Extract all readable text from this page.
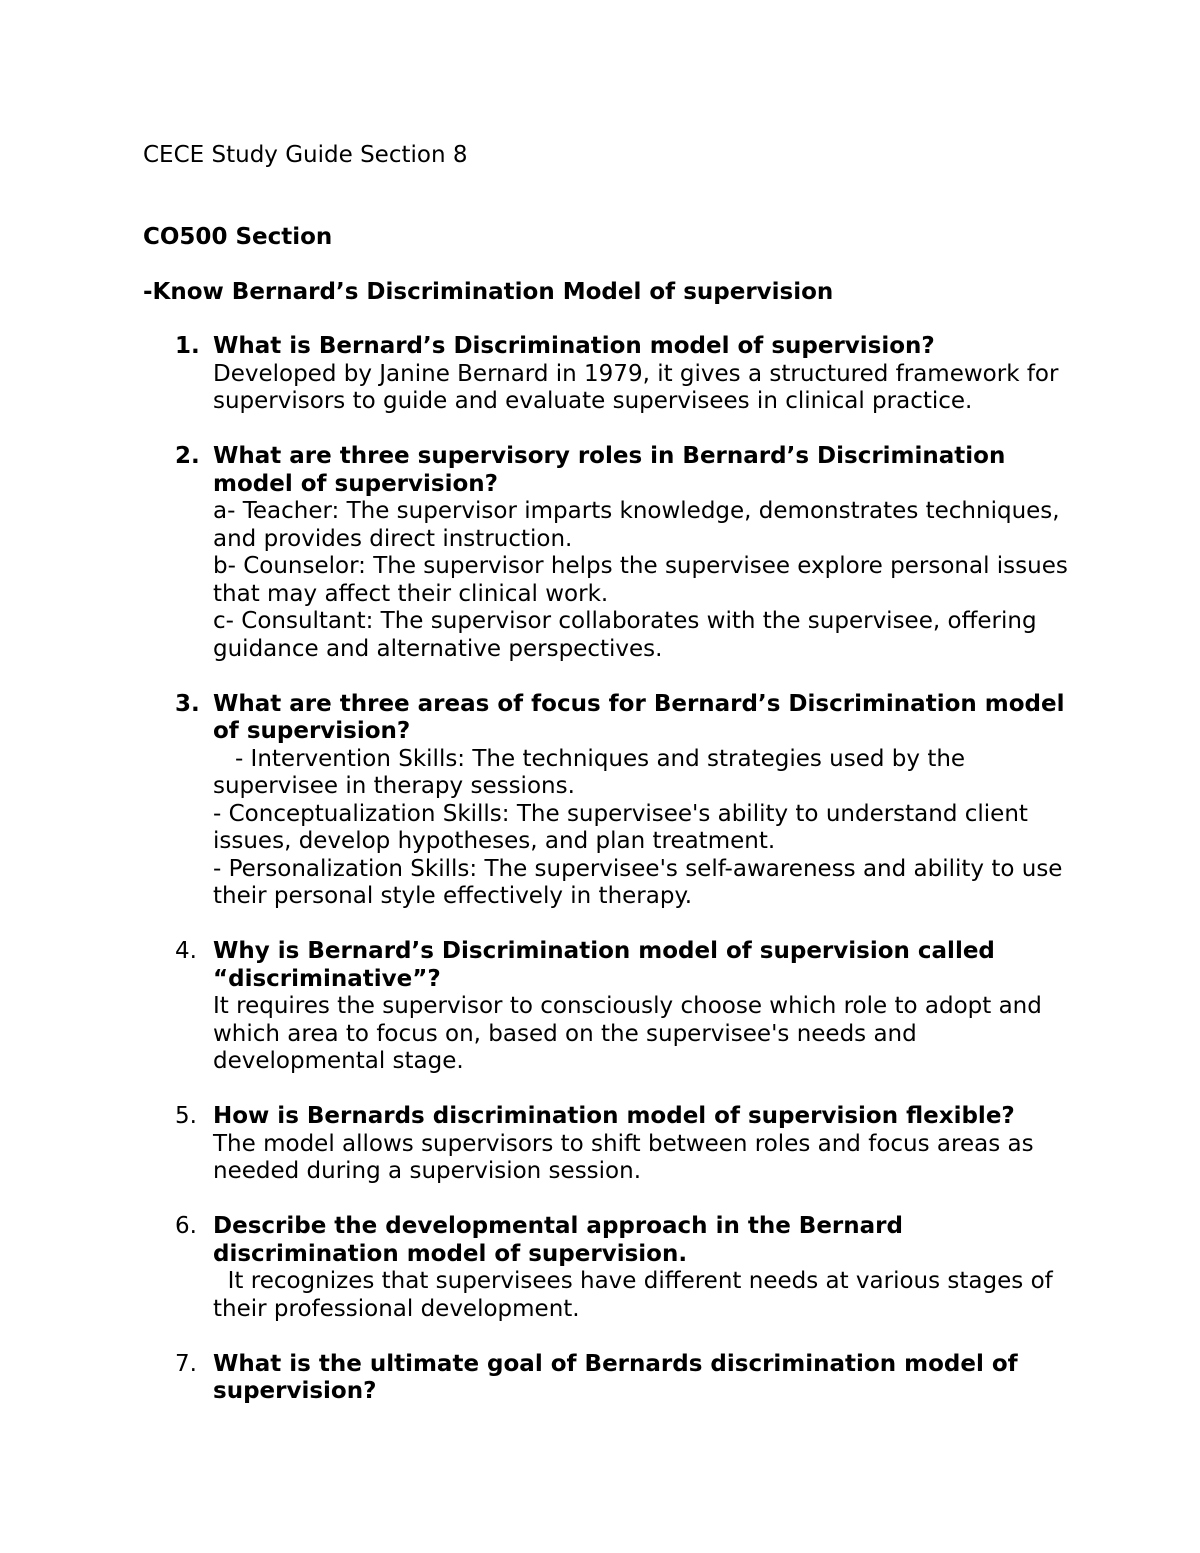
CECE Study Guide Section 8
CO500 Section
-Know Bernard’s Discrimination Model of supervision
1. What is Bernard’s Discrimination model of supervision?
Developed by Janine Bernard in 1979, it gives a structured framework for supervisors to guide and evaluate supervisees in clinical practice.
2. What are three supervisory roles in Bernard’s Discrimination model of supervision?
a- Teacher: The supervisor imparts knowledge, demonstrates techniques, and provides direct instruction.
b- Counselor: The supervisor helps the supervisee explore personal issues that may affect their clinical work.
c- Consultant: The supervisor collaborates with the supervisee, offering guidance and alternative perspectives.
3. What are three areas of focus for Bernard’s Discrimination model of supervision?
- Intervention Skills: The techniques and strategies used by the supervisee in therapy sessions.
- Conceptualization Skills: The supervisee's ability to understand client issues, develop hypotheses, and plan treatment.
- Personalization Skills: The supervisee's self-awareness and ability to use their personal style effectively in therapy.
4. Why is Bernard’s Discrimination model of supervision called “discriminative”?
It requires the supervisor to consciously choose which role to adopt and which area to focus on, based on the supervisee's needs and developmental stage.
5. How is Bernards discrimination model of supervision flexible?
The model allows supervisors to shift between roles and focus areas as needed during a supervision session.
6. Describe the developmental approach in the Bernard discrimination model of supervision.
It recognizes that supervisees have different needs at various stages of their professional development.
7. What is the ultimate goal of Bernards discrimination model of supervision?
